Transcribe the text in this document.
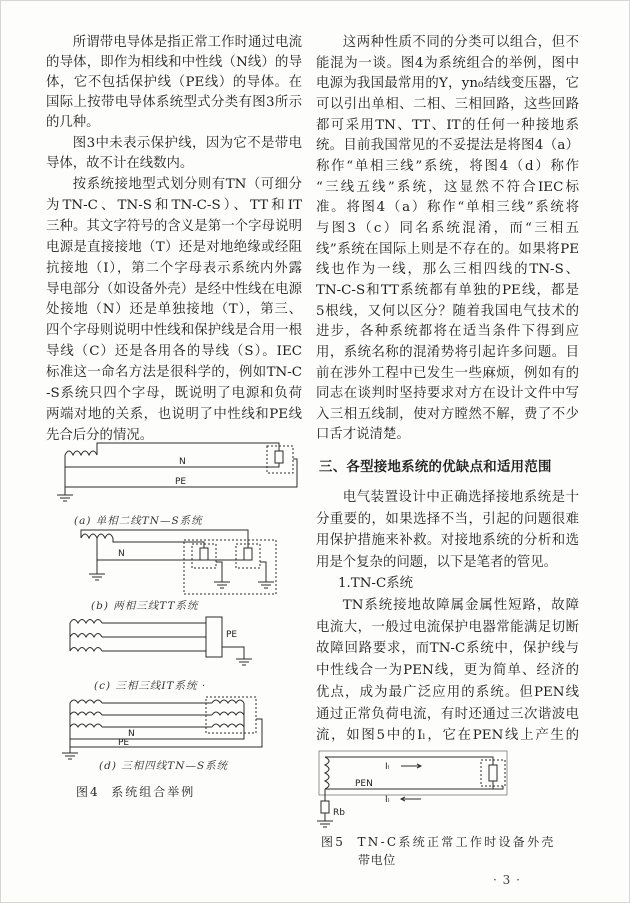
所谓带电导体是指正常工作时通过电流
的导体，即作为相线和中性线（N线）的导
体，它不包括保护线（PE线）的导体。在
国际上按带电导体系统型式分类有图3所示
的几种。
图3中未表示保护线，因为它不是带电
导体，故不计在线数内。
按系统接地型式划分则有TN（可细分
为TN-C、TN-S和TN-C-S）、TT和IT
三种。其文字符号的含义是第一个字母说明
电源是直接接地（T）还是对地绝缘或经阻
抗接地（I），第二个字母表示系统内外露
导电部分（如设备外壳）是经中性线在电源
处接地（N）还是单独接地（T），第三、
四个字母则说明中性线和保护线是合用一根
导线（C）还是各用各的导线（S）。IEC
标准这一命名方法是很科学的，例如TN-C
-S系统只四个字母，既说明了电源和负荷
两端对地的关系，也说明了中性线和PE线
先合后分的情况。
N
PE
(a) 单相二线TN—S系统
N
(b) 两相三线TT系统
PE
(c) 三相三线IT系统 ·
N
PE
(d) 三相四线TN—S系统
图4  系统组合举例
这两种性质不同的分类可以组合，但不
能混为一谈。图4为系统组合的举例，图中
电源为我国最常用的Y，yn₀结线变压器，它
可以引出单相、二相、三相回路，这些回路
都可采用TN、TT、IT的任何一种接地系
统。目前我国常见的不妥提法是将图4（a）
称作“单相三线”系统，将图4（d）称作
“三线五线”系统，这显然不符合IEC标
准。将图4（a）称作“单相三线”系统将
与图3（c）同名系统混淆，而“三相五
线”系统在国际上则是不存在的。如果将PE
线也作为一线，那么三相四线的TN-S、
TN-C-S和TT系统都有单独的PE线，都是
5根线，又何以区分？随着我国电气技术的
进步，各种系统都将在适当条件下得到应
用，系统名称的混淆势将引起许多问题。目
前在涉外工程中已发生一些麻烦，例如有的
同志在谈判时坚持要求对方在设计文件中写
入三相五线制，使对方瞠然不解，费了不少
口舌才说清楚。
三、各型接地系统的优缺点和适用范围
电气装置设计中正确选择接地系统是十
分重要的，如果选择不当，引起的问题很难
用保护措施来补救。对接地系统的分析和选
用是个复杂的问题，以下是笔者的管见。
1.TN-C系统
TN系统接地故障属金属性短路，故障
电流大，一般过电流保护电器常能满足切断
故障回路要求，而TN-C系统中，保护线与
中性线合一为PEN线，更为简单、经济的
优点，成为最广泛应用的系统。但PEN线
通过正常负荷电流，有时还通过三次谐波电
流，如图5中的Iₗ，它在PEN线上产生的
Iₗ
PEN
Iₗ
Rb
图5  TN-C系统正常工作时设备外壳
带电位
· 3 ·
